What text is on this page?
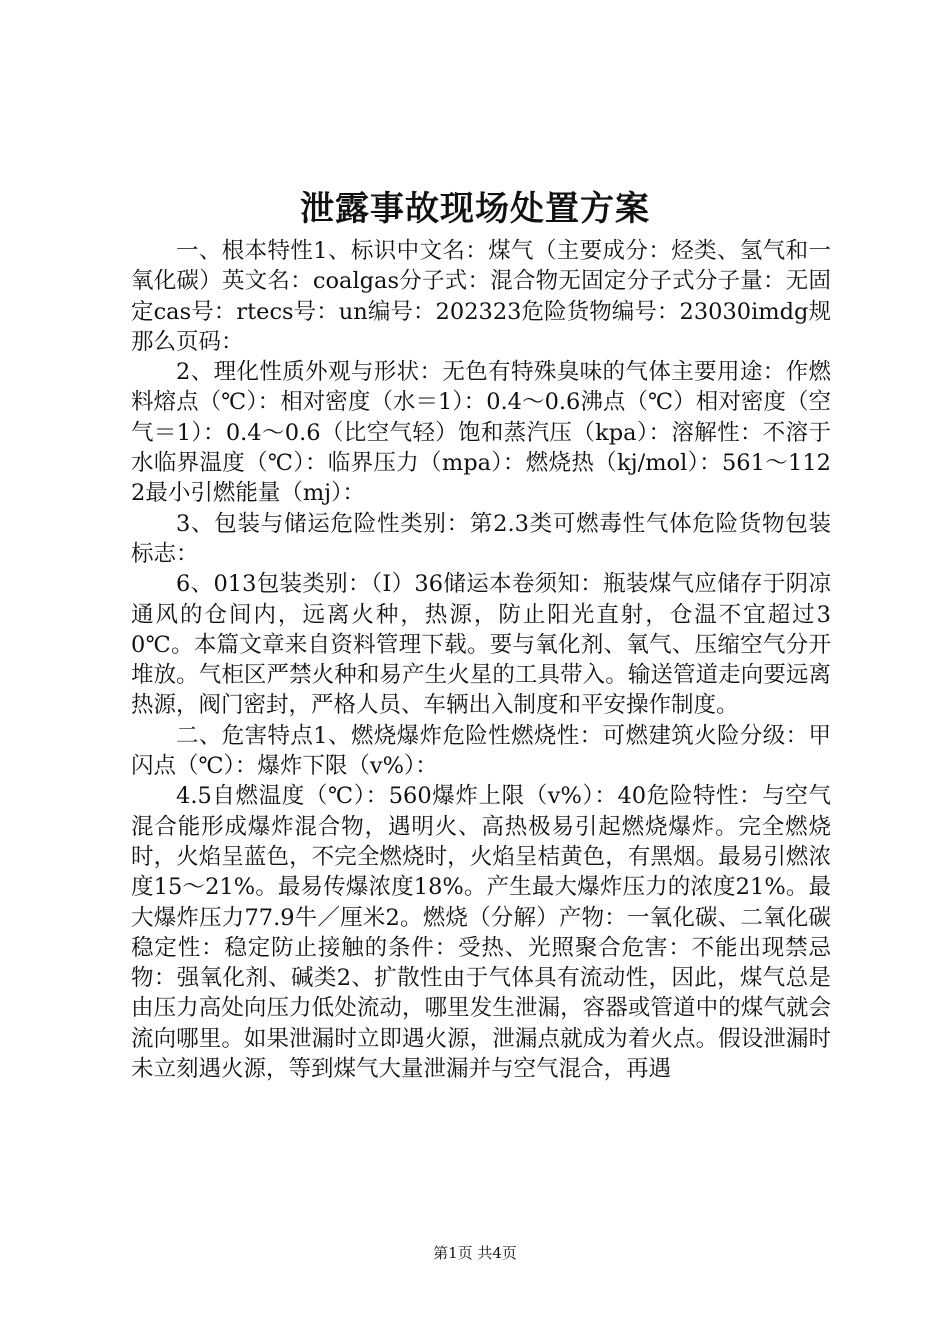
泄露事故现场处置方案

一、根本特性1、标识中文名：煤气（主要成分：烃类、氢气和一氧化碳）英文名：coalgas分子式：混合物无固定分子式分子量：无固定cas号：rtecs号：un编号：202323危险货物编号：23030imdg规那么页码：

2、理化性质外观与形状：无色有特殊臭味的气体主要用途：作燃料熔点（℃）：相对密度（水＝1）：0.4～0.6沸点（℃）相对密度（空气＝1）：0.4～0.6（比空气轻）饱和蒸汽压（kpa）：溶解性：不溶于水临界温度（℃）：临界压力（mpa）：燃烧热（kj/mol）：561～1122最小引燃能量（mj）：

3、包装与储运危险性类别：第2.3类可燃毒性气体危险货物包装标志：

6、013包装类别：（Ⅰ）36储运本卷须知：瓶装煤气应储存于阴凉通风的仓间内，远离火种，热源，防止阳光直射，仓温不宜超过30℃。本篇文章来自资料管理下载。要与氧化剂、氧气、压缩空气分开堆放。气柜区严禁火种和易产生火星的工具带入。输送管道走向要远离热源，阀门密封，严格人员、车辆出入制度和平安操作制度。

二、危害特点1、燃烧爆炸危险性燃烧性：可燃建筑火险分级：甲闪点（℃）：爆炸下限（v%）：

4.5自燃温度（℃）：560爆炸上限（v%）：40危险特性：与空气混合能形成爆炸混合物，遇明火、高热极易引起燃烧爆炸。完全燃烧时，火焰呈蓝色，不完全燃烧时，火焰呈桔黄色，有黑烟。最易引燃浓度15～21%。最易传爆浓度18%。产生最大爆炸压力的浓度21%。最大爆炸压力77.9牛／厘米2。燃烧（分解）产物：一氧化碳、二氧化碳稳定性：稳定防止接触的条件：受热、光照聚合危害：不能出现禁忌物：强氧化剂、碱类2、扩散性由于气体具有流动性，因此，煤气总是由压力高处向压力低处流动，哪里发生泄漏，容器或管道中的煤气就会流向哪里。如果泄漏时立即遇火源，泄漏点就成为着火点。假设泄漏时未立刻遇火源，等到煤气大量泄漏并与空气混合，再遇

第1页 共4页
